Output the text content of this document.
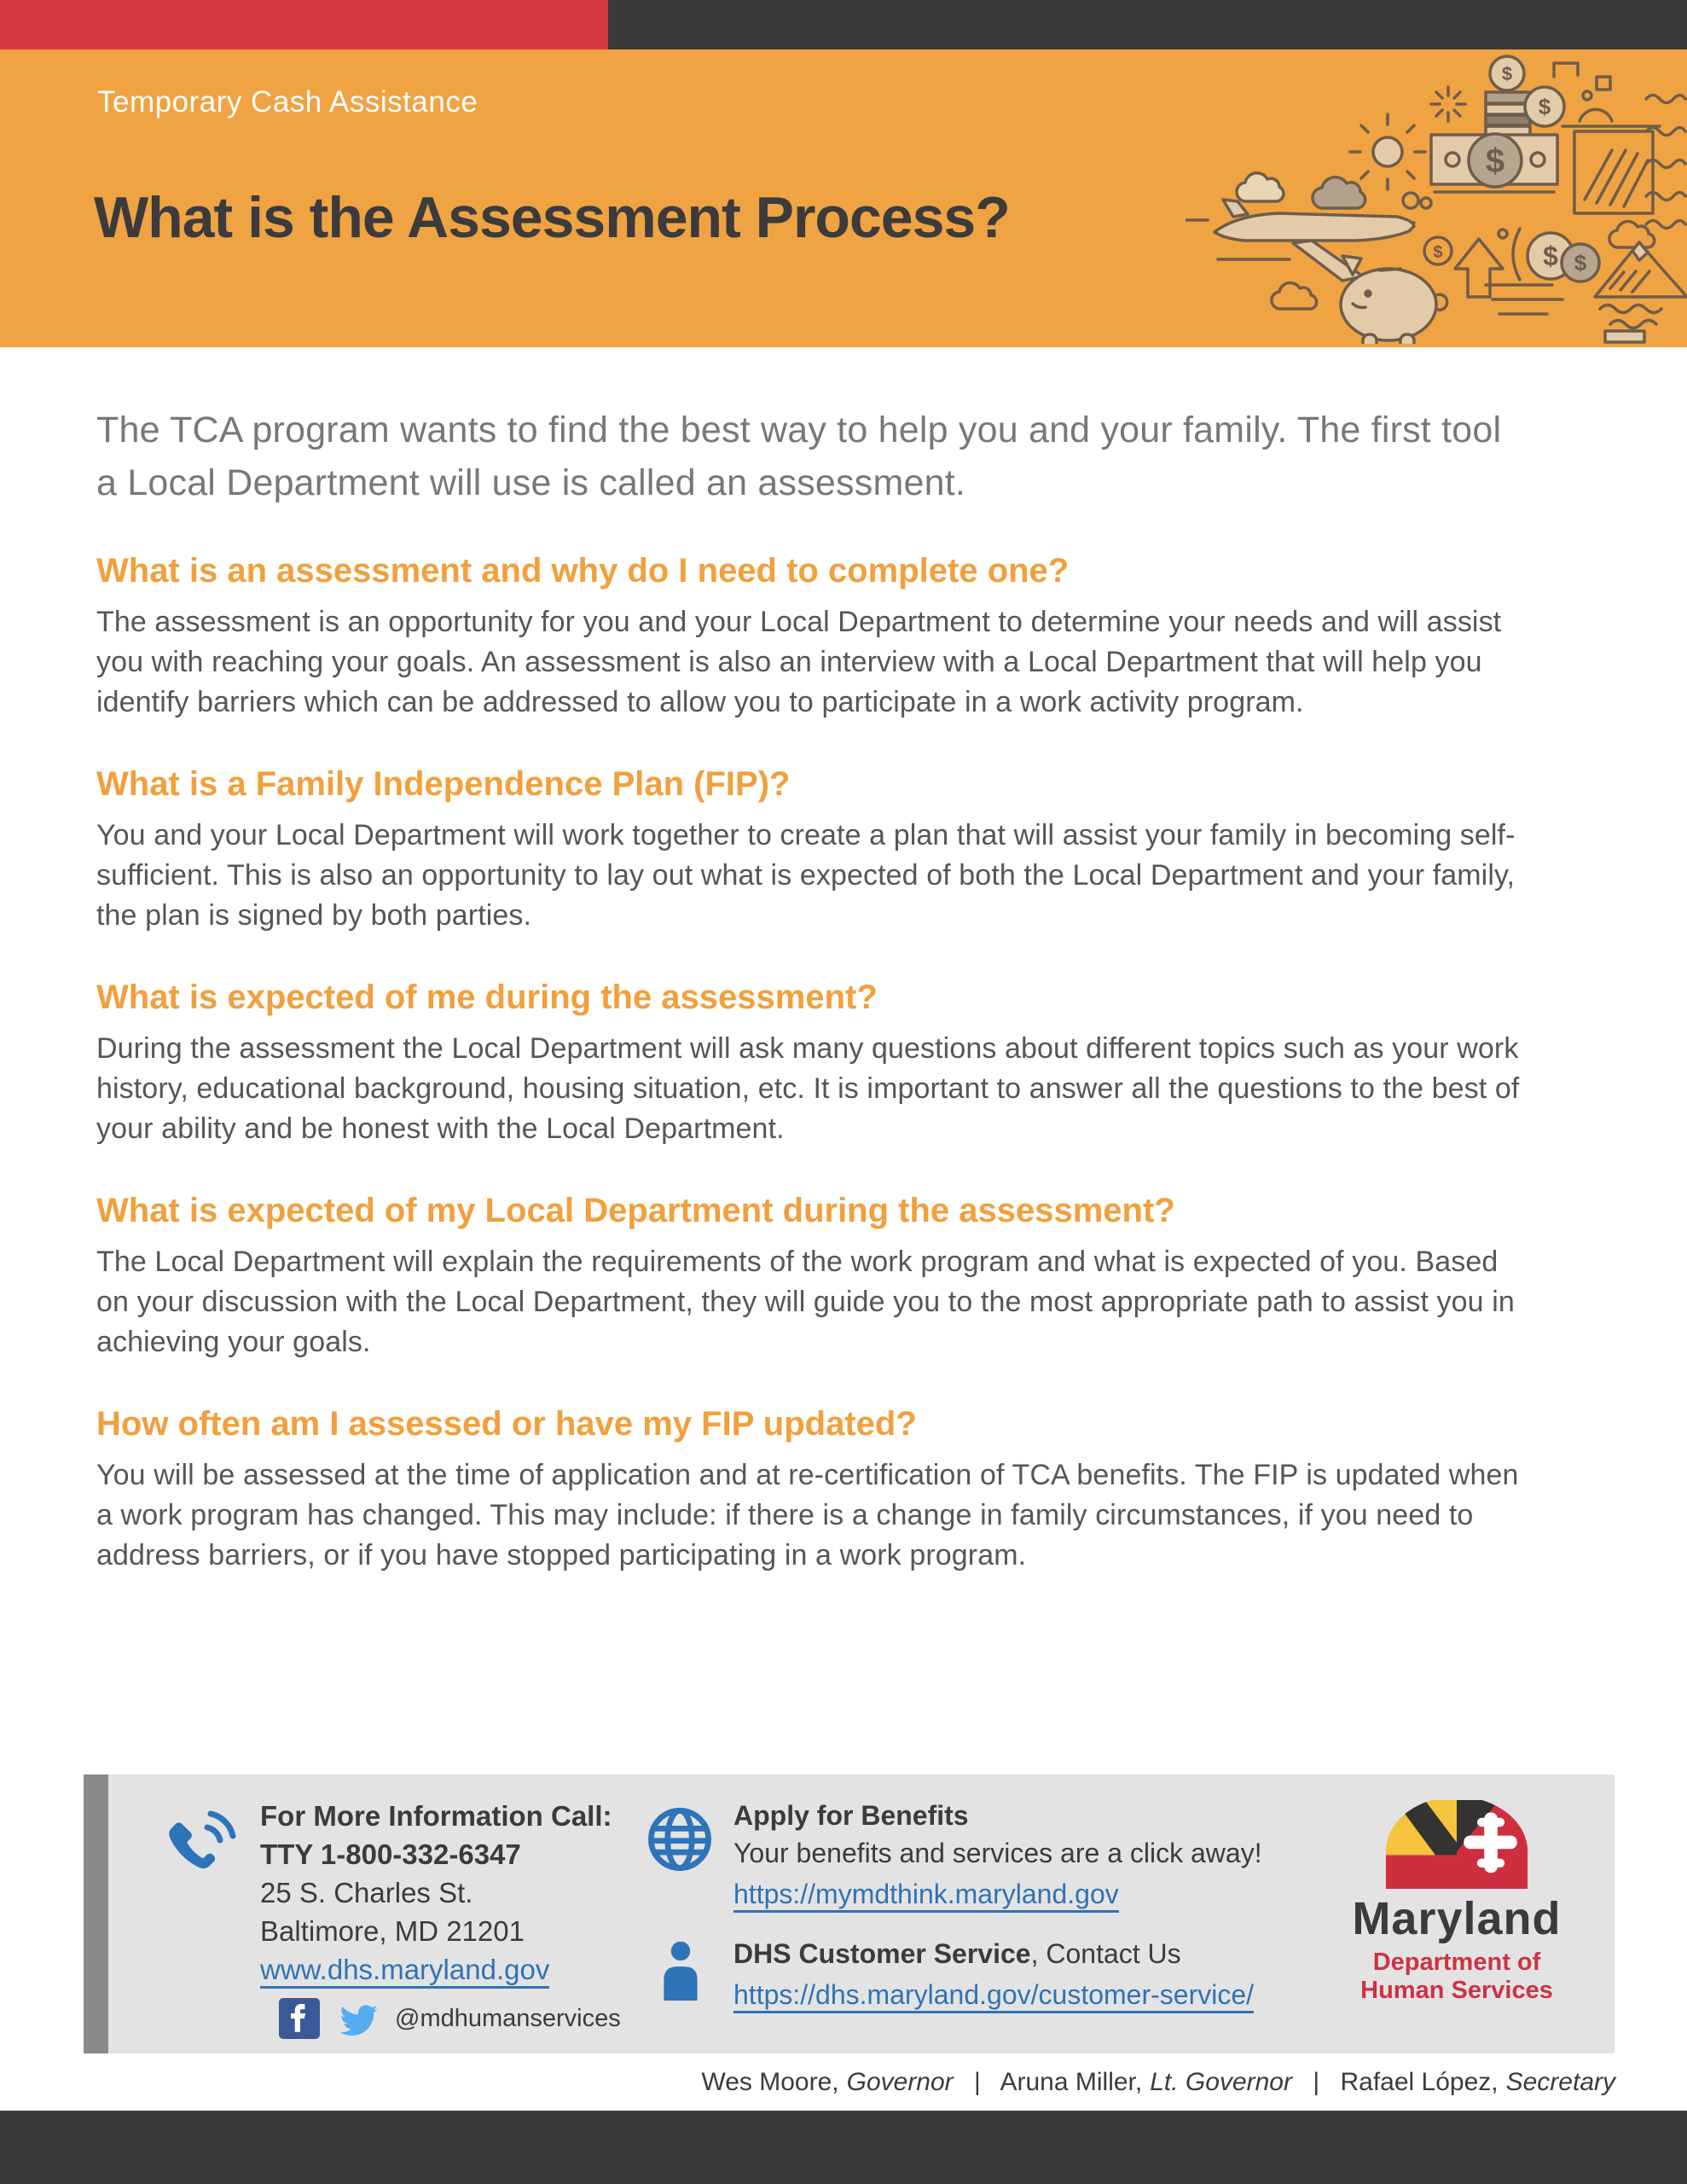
Temporary Cash Assistance
What is the Assessment Process?
$
$
$
$	$ $

The TCA program wants to find the best way to help you and your family. The first tool a Local Department will use is called an assessment.

What is an assessment and why do I need to complete one?

The assessment is an opportunity for you and your Local Department to determine your needs and will assist you with reaching your goals. An assessment is also an interview with a Local Department that will help you identify barriers which can be addressed to allow you to participate in a work activity program.

What is a Family Independence Plan (FIP)?

You and your Local Department will work together to create a plan that will assist your family in becoming self-sufficient. This is also an opportunity to lay out what is expected of both the Local Department and your family, the plan is signed by both parties.

What is expected of me during the assessment?

During the assessment the Local Department will ask many questions about different topics such as your work history, educational background, housing situation, etc. It is important to answer all the questions to the best of your ability and be honest with the Local Department.

What is expected of my Local Department during the assessment?

The Local Department will explain the requirements of the work program and what is expected of you. Based on your discussion with the Local Department, they will guide you to the most appropriate path to assist you in achieving your goals.

How often am I assessed or have my FIP updated?

You will be assessed at the time of application and at re-certification of TCA benefits. The FIP is updated when a work program has changed. This may include: if there is a change in family circumstances, if you need to address barriers, or if you have stopped participating in a work program.

For More Information Call:
TTY 1-800-332-6347
25 S. Charles St.
Baltimore, MD 21201
www.dhs.maryland.gov
@mdhumanservices
Apply for Benefits
Your benefits and services are a click away!
https://mymdthink.maryland.gov
DHS Customer Service, Contact Us
https://dhs.maryland.gov/customer-service/
Maryland
Department of
Human Services
Wes Moore, Governor | Aruna Miller, Lt. Governor | Rafael López, Secretary
